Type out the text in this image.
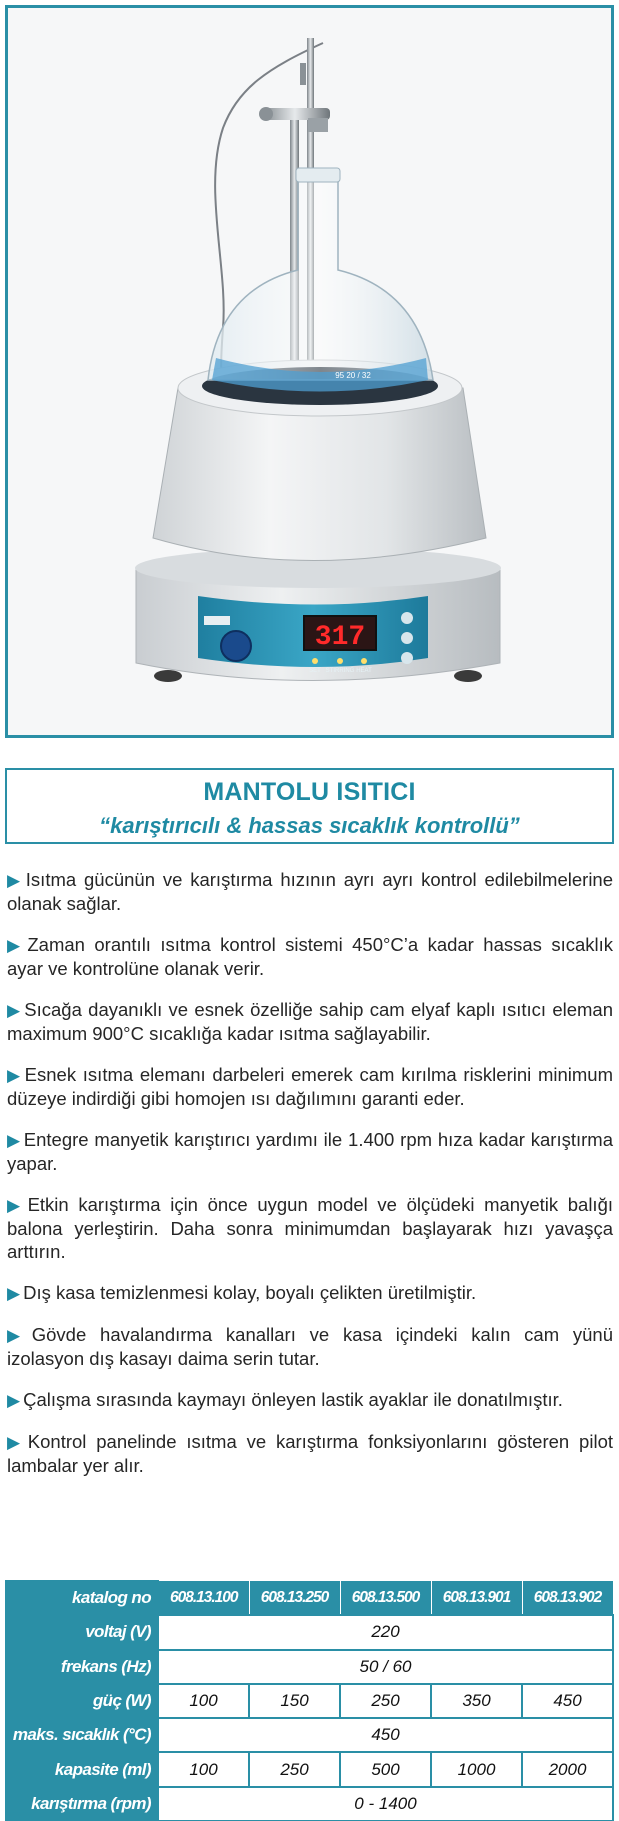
317
SET STIRRING HEAT
95 20 / 32
MANTOLU ISITICI
“karıştırıcılı & hassas sıcaklık kontrollü”

▶ Isıtma gücünün ve karıştırma hızının ayrı ayrı kontrol edilebilmelerine olanak sağlar.

▶ Zaman orantılı ısıtma kontrol sistemi 450°C’a kadar hassas sıcaklık ayar ve kontrolüne olanak verir.

▶ Sıcağa dayanıklı ve esnek özelliğe sahip cam elyaf kaplı ısıtıcı eleman maximum 900°C sıcaklığa kadar ısıtma sağlayabilir.

▶ Esnek ısıtma elemanı darbeleri emerek cam kırılma risklerini minimum düzeye indirdiği gibi homojen ısı dağılımını garanti eder.

▶ Entegre manyetik karıştırıcı yardımı ile 1.400 rpm hıza kadar karıştırma yapar.

▶ Etkin karıştırma için önce uygun model ve ölçüdeki manyetik balığı balona yerleştirin. Daha sonra minimumdan başlayarak hızı yavaşça arttırın.

▶ Dış kasa temizlenmesi kolay, boyalı çelikten üretilmiştir.

▶ Gövde havalandırma kanalları ve kasa içindeki kalın cam yünü izolasyon dış kasayı daima serin tutar.

▶ Çalışma sırasında kaymayı önleyen lastik ayaklar ile donatılmıştır.

▶ Kontrol panelinde ısıtma ve karıştırma fonksiyonlarını gösteren pilot lambalar yer alır.

katalog no	608.13.100	608.13.250	608.13.500	608.13.901	608.13.902
voltaj (V)	220				
frekans (Hz)	50 / 60				
güç (W)	100	150	250	350	450
maks. sıcaklık (°C)	450				
kapasite (ml)	100	250	500	1000	2000
karıştırma (rpm)	0 - 1400				
